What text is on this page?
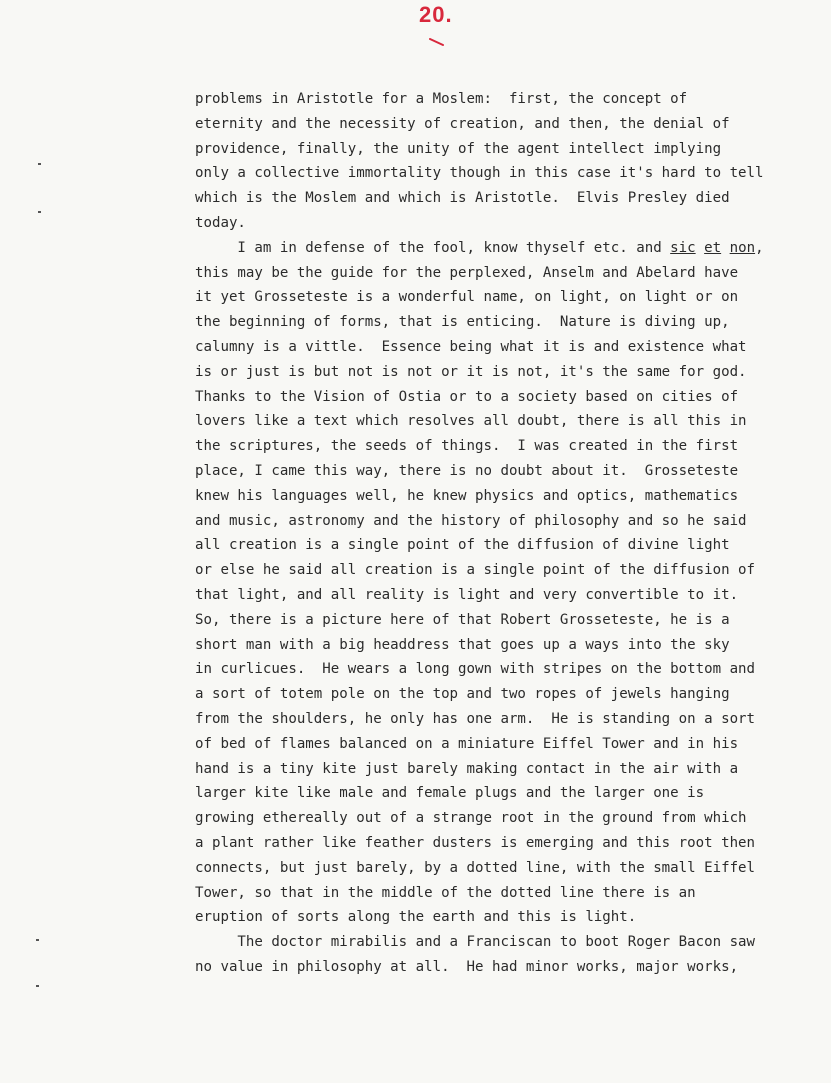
20.
problems in Aristotle for a Moslem:  first, the concept of
eternity and the necessity of creation, and then, the denial of
providence, finally, the unity of the agent intellect implying
only a collective immortality though in this case it's hard to tell
which is the Moslem and which is Aristotle.  Elvis Presley died
today.
I am in defense of the fool, know thyself etc. and sic et non,
this may be the guide for the perplexed, Anselm and Abelard have
it yet Grosseteste is a wonderful name, on light, on light or on
the beginning of forms, that is enticing.  Nature is diving up,
calumny is a vittle.  Essence being what it is and existence what
is or just is but not is not or it is not, it's the same for god.
Thanks to the Vision of Ostia or to a society based on cities of
lovers like a text which resolves all doubt, there is all this in
the scriptures, the seeds of things.  I was created in the first
place, I came this way, there is no doubt about it.  Grosseteste
knew his languages well, he knew physics and optics, mathematics
and music, astronomy and the history of philosophy and so he said
all creation is a single point of the diffusion of divine light
or else he said all creation is a single point of the diffusion of
that light, and all reality is light and very convertible to it.
So, there is a picture here of that Robert Grosseteste, he is a
short man with a big headdress that goes up a ways into the sky
in curlicues.  He wears a long gown with stripes on the bottom and
a sort of totem pole on the top and two ropes of jewels hanging
from the shoulders, he only has one arm.  He is standing on a sort
of bed of flames balanced on a miniature Eiffel Tower and in his
hand is a tiny kite just barely making contact in the air with a
larger kite like male and female plugs and the larger one is
growing ethereally out of a strange root in the ground from which
a plant rather like feather dusters is emerging and this root then
connects, but just barely, by a dotted line, with the small Eiffel
Tower, so that in the middle of the dotted line there is an
eruption of sorts along the earth and this is light.
The doctor mirabilis and a Franciscan to boot Roger Bacon saw
no value in philosophy at all.  He had minor works, major works,
